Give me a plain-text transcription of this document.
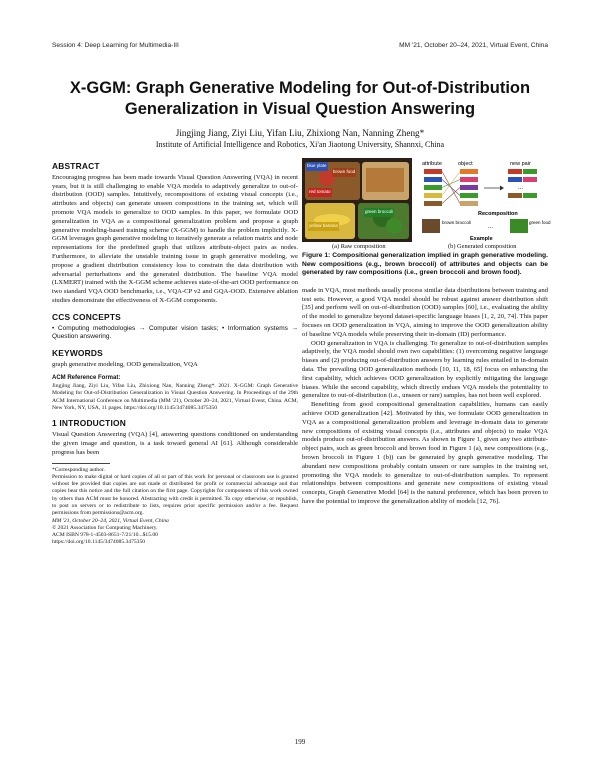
Session 4: Deep Learning for Multimedia-III	MM '21, October 20–24, 2021, Virtual Event, China
X-GGM: Graph Generative Modeling for Out-of-Distribution Generalization in Visual Question Answering
Jingjing Jiang, Ziyi Liu, Yifan Liu, Zhixiong Nan, Nanning Zheng*
Institute of Artificial Intelligence and Robotics, Xi'an Jiaotong University, Shannxi, China
ABSTRACT

Encouraging progress has been made towards Visual Question Answering (VQA) in recent years, but it is still challenging to enable VQA models to adaptively generalize to out-of-distribution (OOD) samples. Intuitively, recompositions of existing visual concepts (i.e., attributes and objects) can generate unseen compositions in the training set, which will promote VQA models to generalize to OOD samples. In this paper, we formulate OOD generalization in VQA as a compositional generalization problem and propose a graph generative modeling-based training scheme (X-GGM) to handle the problem implicitly. X-GGM leverages graph generative modeling to iteratively generate a relation matrix and node representations for the predefined graph that utilizes attribute-object pairs as nodes. Furthermore, to alleviate the unstable training issue in graph generative modeling, we propose a gradient distribution consistency loss to constrain the data distribution with adversarial perturbations and the generated distribution. The baseline VQA model (LXMERT) trained with the X-GGM scheme achieves state-of-the-art OOD performance on two standard VQA OOD benchmarks, i.e., VQA-CP v2 and GQA-OOD. Extensive ablation studies demonstrate the effectiveness of X-GGM components.

CCS CONCEPTS

• Computing methodologies → Computer vision tasks; • Information systems → Question answering.

KEYWORDS

graph generative modeling, OOD generalization, VQA

ACM Reference Format:

Jingjing Jiang, Ziyi Liu, Yifan Liu, Zhixiong Nan, Nanning Zheng*. 2021. X-GGM: Graph Generative Modeling for Out-of-Distribution Generalization in Visual Question Answering. In Proceedings of the 29th ACM International Conference on Multimedia (MM '21), October 20–24, 2021, Virtual Event, China. ACM, New York, NY, USA, 11 pages. https://doi.org/10.1145/3474085.3475350

1 INTRODUCTION

Visual Question Answering (VQA) [4], answering questions conditioned on understanding the given image and question, is a task toward general AI [61]. Although considerable progress has been

*Corresponding author.

Permission to make digital or hard copies of all or part of this work for personal or classroom use is granted without fee provided that copies are not made or distributed for profit or commercial advantage and that copies bear this notice and the full citation on the first page. Copyrights for components of this work owned by others than ACM must be honored. Abstracting with credit is permitted. To copy otherwise, or republish, to post on servers or to redistribute to lists, requires prior specific permission and/or a fee. Request permissions from permissions@acm.org.

MM '21, October 20–24, 2021, Virtual Event, China

© 2021 Association for Computing Machinery.

ACM ISBN 978-1-4503-8651-7/21/10...$15.00

https://doi.org/10.1145/3474085.3475350

blue plate
brown food
green broccoli
yellow banana
red tomato
attribute	object	new pair
...
Recomposition
brown broccoli	green food
...
Example
(a) Raw composition	(b) Generated composition

Figure 1: Compositional generalization implied in graph generative modeling. New compositions (e.g., brown broccoli) of attributes and objects can be generated by raw compositions (i.e., green broccoli and brown food).

made in VQA, most methods usually process similar data distributions between training and test sets. However, a good VQA model should be robust against answer distribution shift [35] and perform well on out-of-distribution (OOD) samples [60], i.e., evaluating the ability of the model to generalize beyond dataset-specific language biases [1, 2, 20, 74]. This paper focuses on OOD generalization in VQA, aiming to improve the OOD generalization ability of baseline VQA models while preserving their in-domain (ID) performance.

OOD generalization in VQA is challenging. To generalize to out-of-distribution samples adaptively, the VQA model should own two capabilities: (1) overcoming negative language biases and (2) producing out-of-distribution answers by learning rules entailed in in-domain data. The prevailing OOD generalization methods [10, 11, 18, 65] focus on enhancing the first capability, which achieves OOD generalization by explicitly mitigating the language biases. While the second capability, which directly endues VQA models the potentiality to generalize to out-of-distribution (i.e., unseen or rare) samples, has not been well explored.

Benefiting from good compositional generalization capabilities, humans can easily achieve OOD generalization [42]. Motivated by this, we formulate OOD generalization in VQA as a compositional generalization problem and leverage in-domain data to generate new compositions of existing visual concepts (i.e., attributes and objects) to make VQA models produce out-of-distribution answers. As shown in Figure 1, given any two attribute-object pairs, such as green broccoli and brown food in Figure 1 (a), new compositions (e.g., brown broccoli in Figure 1 (b)) can be generated by graph generative modeling. The abundant new compositions probably contain unseen or rare samples in the training set, promoting the VQA models to generalize to out-of-distribution samples. To represent relationships between compositions and generate new compositions of existing visual concepts, Graph Generative Model [64] is the natural preference, which has been proven to have the potential to improve the generalization ability of models [12, 76].

199
